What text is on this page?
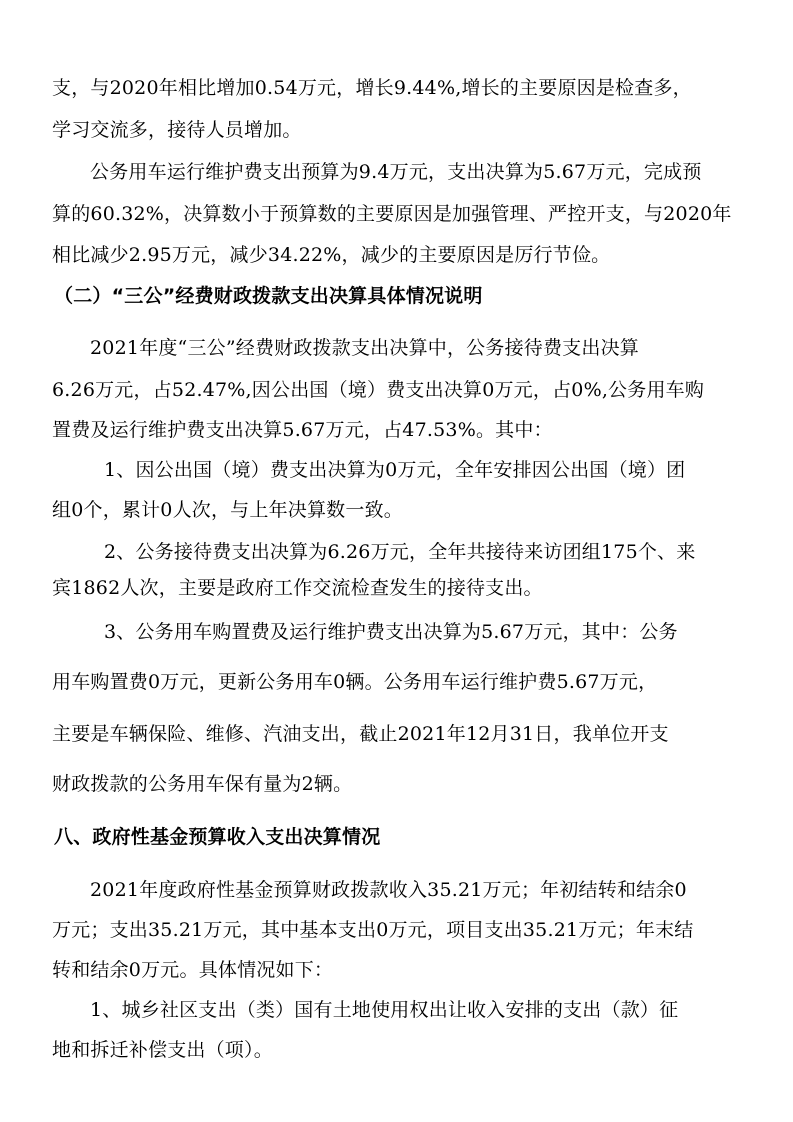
支，与2020年相比增加0.54万元，增长9.44%,增长的主要原因是检查多，
学习交流多，接待人员增加。
公务用车运行维护费支出预算为9.4万元，支出决算为5.67万元，完成预
算的60.32%，决算数小于预算数的主要原因是加强管理、严控开支，与2020年
相比减少2.95万元，减少34.22%，减少的主要原因是厉行节俭。
（二）“三公”经费财政拨款支出决算具体情况说明
2021年度“三公”经费财政拨款支出决算中，公务接待费支出决算
6.26万元，占52.47%,因公出国（境）费支出决算0万元，占0%,公务用车购
置费及运行维护费支出决算5.67万元，占47.53%。其中：
1、因公出国（境）费支出决算为0万元，全年安排因公出国（境）团
组0个，累计0人次，与上年决算数一致。
2、公务接待费支出决算为6.26万元，全年共接待来访团组175个、来
宾1862人次，主要是政府工作交流检查发生的接待支出。
3、公务用车购置费及运行维护费支出决算为5.67万元，其中：公务
用车购置费0万元，更新公务用车0辆。公务用车运行维护费5.67万元，
主要是车辆保险、维修、汽油支出，截止2021年12月31日，我单位开支
财政拨款的公务用车保有量为2辆。
八、政府性基金预算收入支出决算情况
2021年度政府性基金预算财政拨款收入35.21万元；年初结转和结余0
万元；支出35.21万元，其中基本支出0万元，项目支出35.21万元；年末结
转和结余0万元。具体情况如下：
1、城乡社区支出（类）国有土地使用权出让收入安排的支出（款）征
地和拆迁补偿支出（项）。
